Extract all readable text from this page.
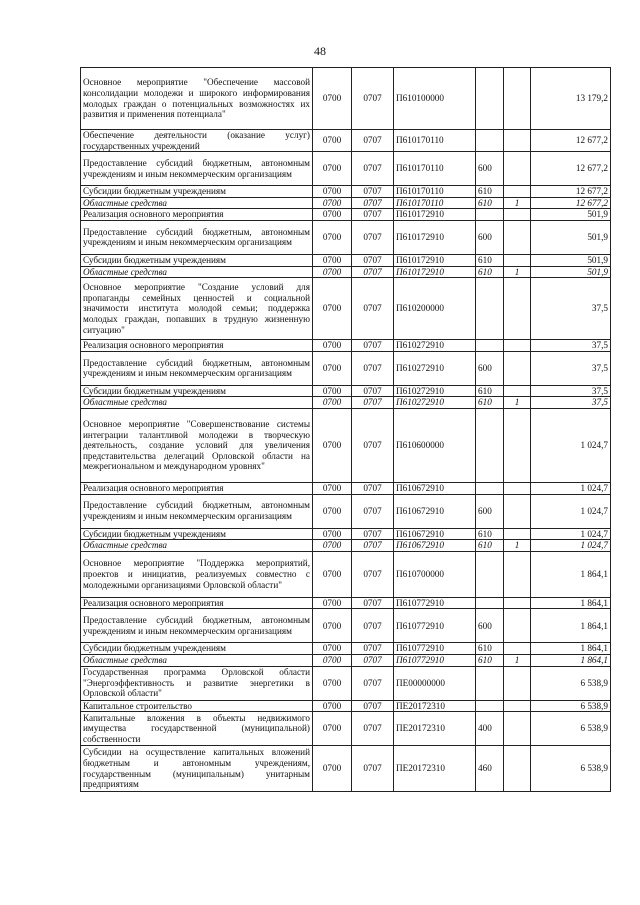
48
Основное мероприятие "Обеспечение массовой консолидации молодежи и широкого информирования молодых граждан о потенциальных возможностях их развития и применения потенциала"	0700	0707	П610100000			13 179,2
Обеспечение деятельности (оказание услуг) государственных учреждений	0700	0707	П610170110			12 677,2
Предоставление субсидий бюджетным, автономным учреждениям и иным некоммерческим организациям	0700	0707	П610170110	600		12 677,2
Субсидии бюджетным учреждениям	0700	0707	П610170110	610		12 677,2
Областные средства	0700	0707	П610170110	610	1	12 677,2
Реализация основного мероприятия	0700	0707	П610172910			501,9
Предоставление субсидий бюджетным, автономным учреждениям и иным некоммерческим организациям	0700	0707	П610172910	600		501,9
Субсидии бюджетным учреждениям	0700	0707	П610172910	610		501,9
Областные средства	0700	0707	П610172910	610	1	501,9
Основное мероприятие "Создание условий для пропаганды семейных ценностей и социальной значимости института молодой семьи; поддержка молодых граждан, попавших в трудную жизненную ситуацию"	0700	0707	П610200000			37,5
Реализация основного мероприятия	0700	0707	П610272910			37,5
Предоставление субсидий бюджетным, автономным учреждениям и иным некоммерческим организациям	0700	0707	П610272910	600		37,5
Субсидии бюджетным учреждениям	0700	0707	П610272910	610		37,5
Областные средства	0700	0707	П610272910	610	1	37,5
Основное мероприятие "Совершенствование системы интеграции талантливой молодежи в творческую деятельность, создание условий для увеличения представительства делегаций Орловской области на межрегиональном и международном уровнях"	0700	0707	П610600000			1 024,7
Реализация основного мероприятия	0700	0707	П610672910			1 024,7
Предоставление субсидий бюджетным, автономным учреждениям и иным некоммерческим организациям	0700	0707	П610672910	600		1 024,7
Субсидии бюджетным учреждениям	0700	0707	П610672910	610		1 024,7
Областные средства	0700	0707	П610672910	610	1	1 024,7
Основное мероприятие "Поддержка мероприятий, проектов и инициатив, реализуемых совместно с молодежными организациями Орловской области"	0700	0707	П610700000			1 864,1
Реализация основного мероприятия	0700	0707	П610772910			1 864,1
Предоставление субсидий бюджетным, автономным учреждениям и иным некоммерческим организациям	0700	0707	П610772910	600		1 864,1
Субсидии бюджетным учреждениям	0700	0707	П610772910	610		1 864,1
Областные средства	0700	0707	П610772910	610	1	1 864,1
Государственная программа Орловской области "Энергоэффективность и развитие энергетики в Орловской области"	0700	0707	ПЕ00000000			6 538,9
Капитальное строительство	0700	0707	ПЕ20172310			6 538,9
Капитальные вложения в объекты недвижимого имущества государственной (муниципальной) собственности	0700	0707	ПЕ20172310	400		6 538,9
Субсидии на осуществление капитальных вложений бюджетным и автономным учреждениям, государственным (муниципальным) унитарным предприятиям	0700	0707	ПЕ20172310	460		6 538,9
